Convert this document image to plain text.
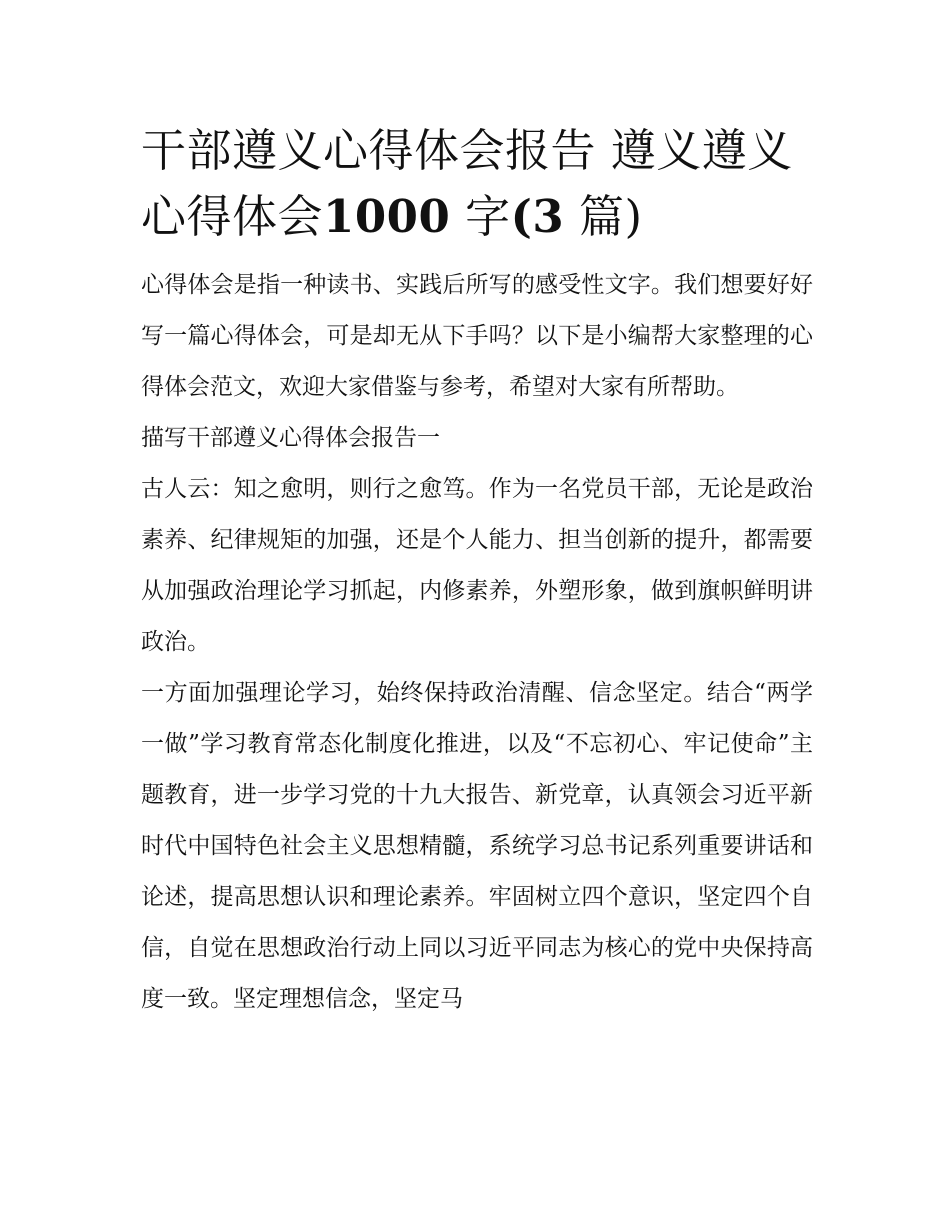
干部遵义心得体会报告 遵义遵义心得体会1000 字(3 篇)

心得体会是指一种读书、实践后所写的感受性文字。我们想要好好写一篇心得体会，可是却无从下手吗？以下是小编帮大家整理的心得体会范文，欢迎大家借鉴与参考，希望对大家有所帮助。

描写干部遵义心得体会报告一

古人云：知之愈明，则行之愈笃。作为一名党员干部，无论是政治素养、纪律规矩的加强，还是个人能力、担当创新的提升，都需要从加强政治理论学习抓起，内修素养，外塑形象，做到旗帜鲜明讲政治。

一方面加强理论学习，始终保持政治清醒、信念坚定。结合“两学一做”学习教育常态化制度化推进，以及“不忘初心、牢记使命”主题教育，进一步学习党的十九大报告、新党章，认真领会习近平新时代中国特色社会主义思想精髓，系统学习总书记系列重要讲话和论述，提高思想认识和理论素养。牢固树立四个意识，坚定四个自信，自觉在思想政治行动上同以习近平同志为核心的党中央保持高度一致。坚定理想信念，坚定马
